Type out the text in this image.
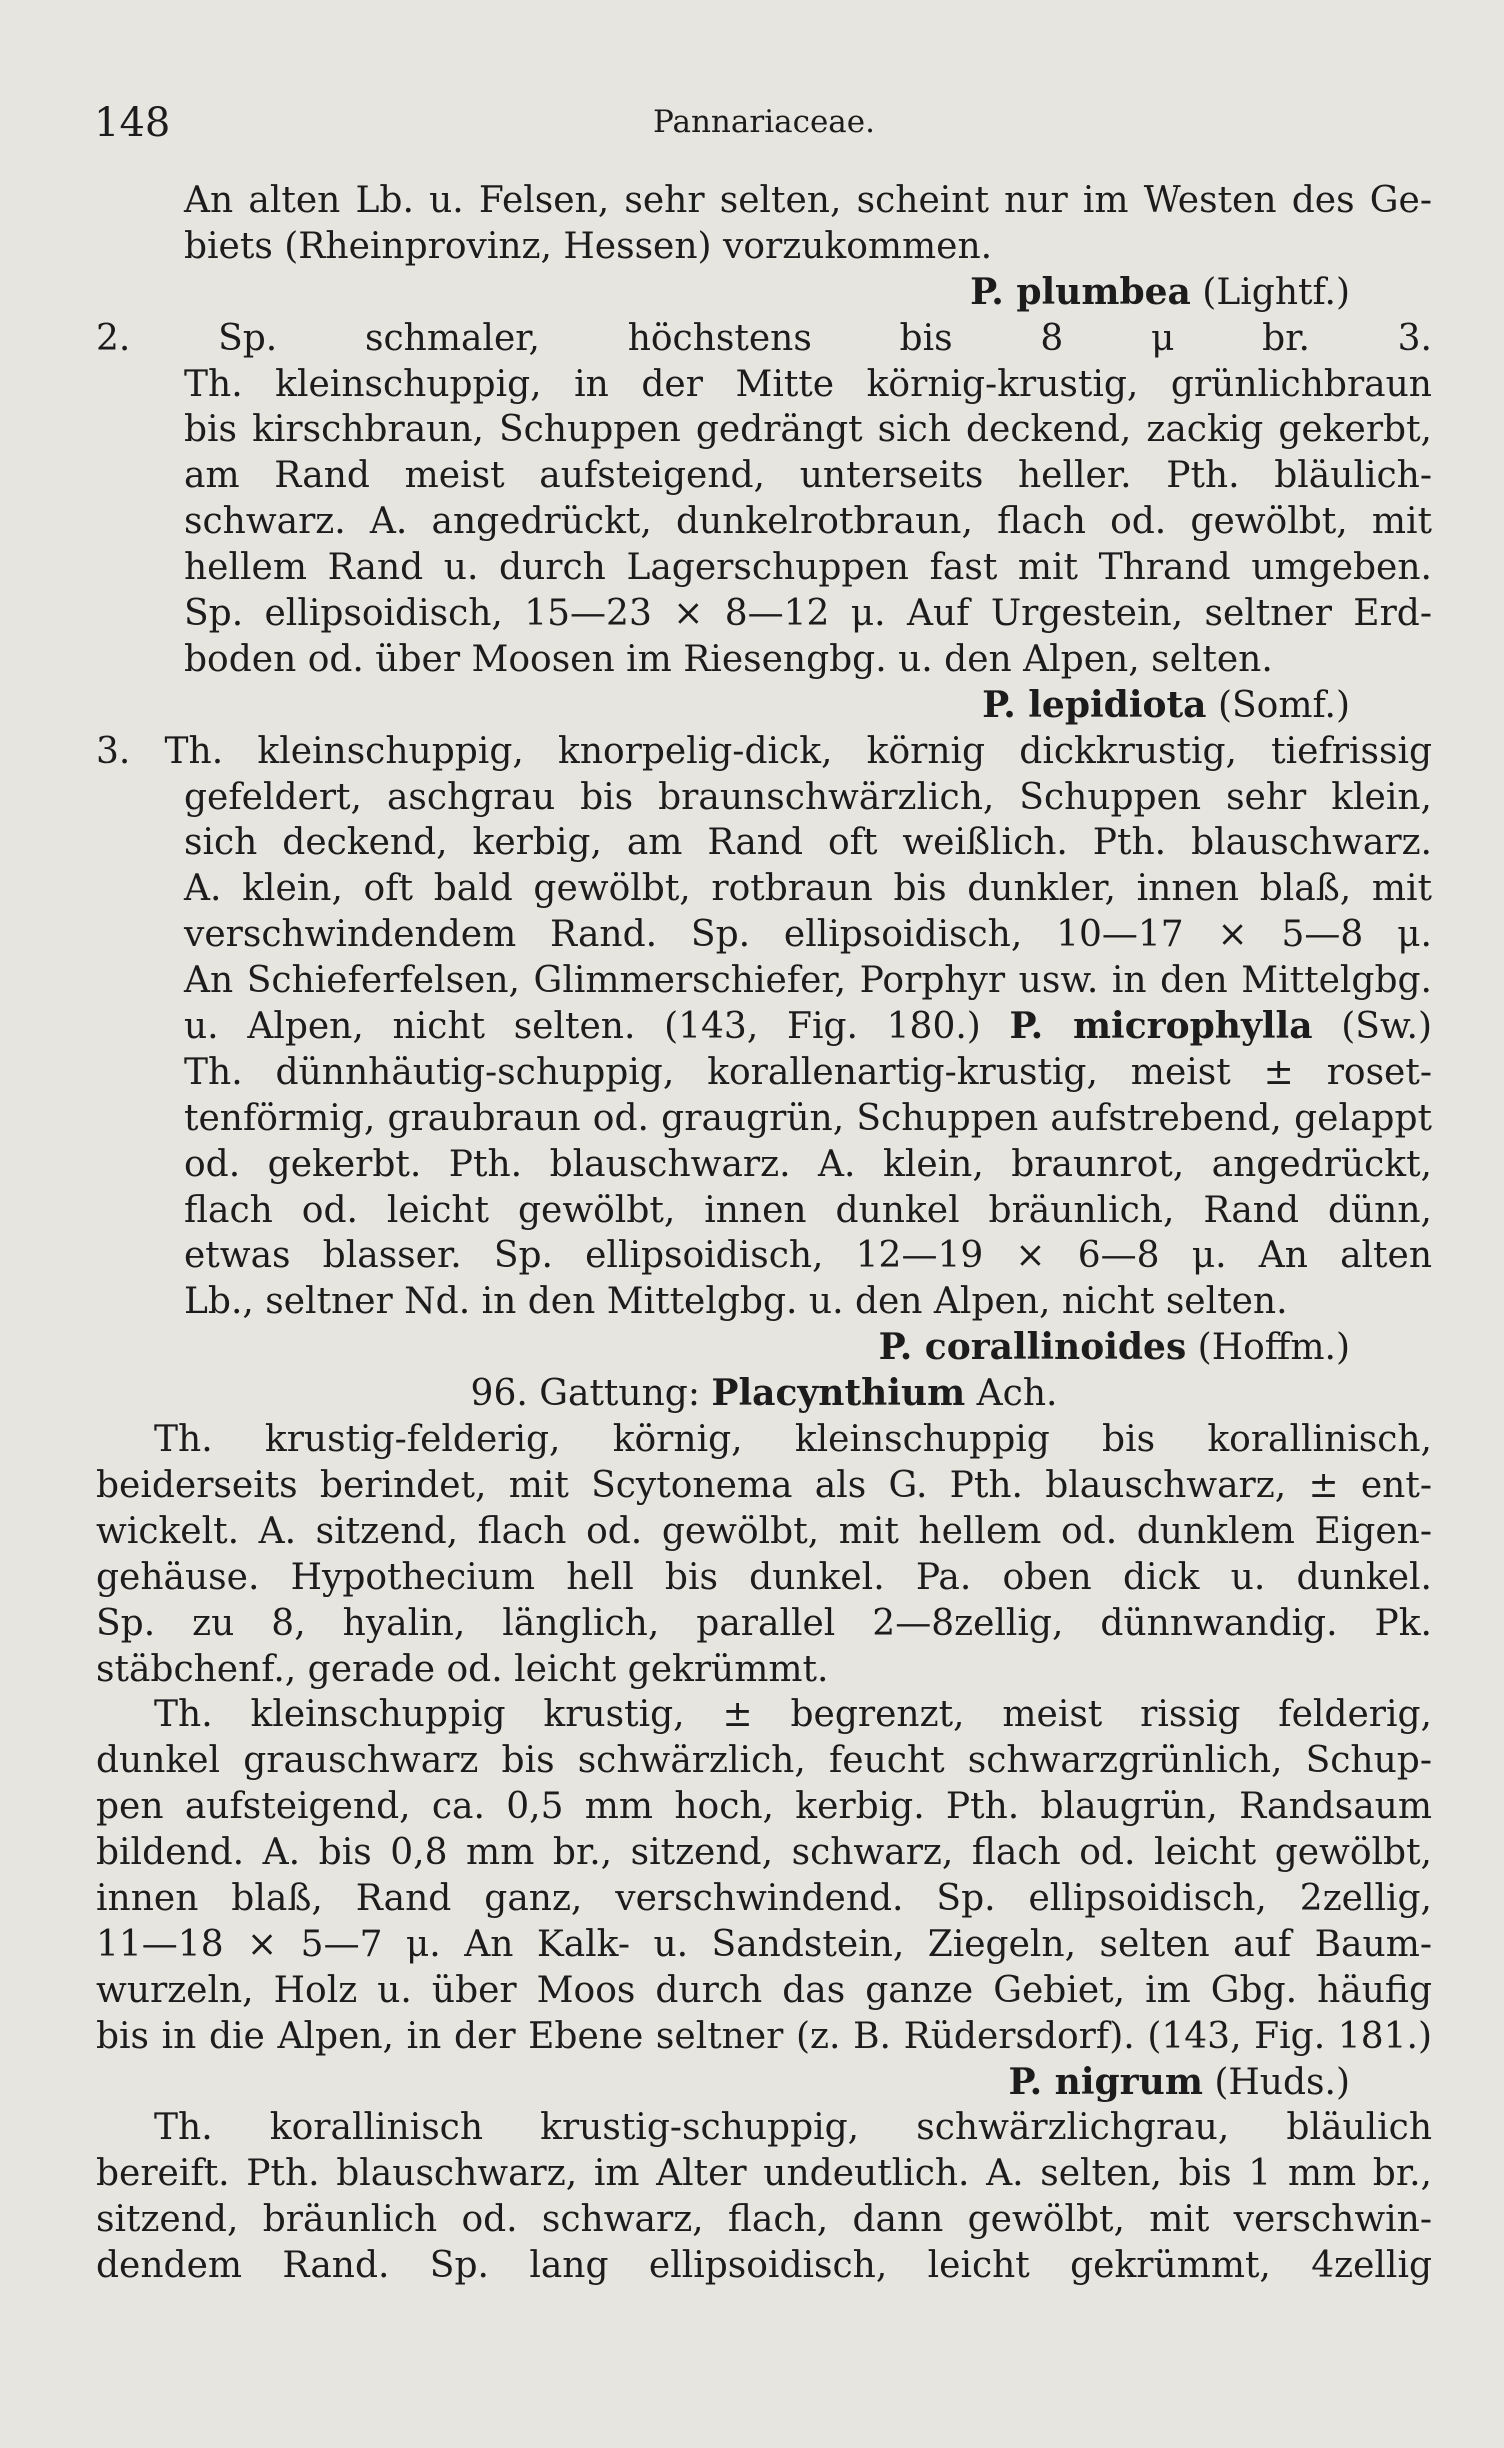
148	Pannariaceae.
An alten Lb. u. Felsen, sehr selten, scheint nur im Westen des Ge-
biets (Rheinprovinz, Hessen) vorzukommen.
P. plumbea (Lightf.)
2. Sp. schmaler, höchstens bis 8 μ br. 3.
Th. kleinschuppig, in der Mitte körnig-krustig, grünlichbraun
bis kirschbraun, Schuppen gedrängt sich deckend, zackig gekerbt,
am Rand meist aufsteigend, unterseits heller. Pth. bläulich-
schwarz. A. angedrückt, dunkelrotbraun, flach od. gewölbt, mit
hellem Rand u. durch Lagerschuppen fast mit Thrand umgeben.
Sp. ellipsoidisch, 15—23 × 8—12 μ. Auf Urgestein, seltner Erd-
boden od. über Moosen im Riesengbg. u. den Alpen, selten.
P. lepidiota (Somf.)
3. Th. kleinschuppig, knorpelig-dick, körnig dickkrustig, tiefrissig
gefeldert, aschgrau bis braunschwärzlich, Schuppen sehr klein,
sich deckend, kerbig, am Rand oft weißlich. Pth. blauschwarz.
A. klein, oft bald gewölbt, rotbraun bis dunkler, innen blaß, mit
verschwindendem Rand. Sp. ellipsoidisch, 10—17 × 5—8 μ.
An Schieferfelsen, Glimmerschiefer, Porphyr usw. in den Mittelgbg.
u. Alpen, nicht selten. (143, Fig. 180.) P. microphylla (Sw.)
Th. dünnhäutig-schuppig, korallenartig-krustig, meist ± roset-
tenförmig, graubraun od. graugrün, Schuppen aufstrebend, gelappt
od. gekerbt. Pth. blauschwarz. A. klein, braunrot, angedrückt,
flach od. leicht gewölbt, innen dunkel bräunlich, Rand dünn,
etwas blasser. Sp. ellipsoidisch, 12—19 × 6—8 μ. An alten
Lb., seltner Nd. in den Mittelgbg. u. den Alpen, nicht selten.
P. corallinoides (Hoffm.)
96. Gattung: Placynthium Ach.
Th. krustig-felderig, körnig, kleinschuppig bis korallinisch,
beiderseits berindet, mit Scytonema als G. Pth. blauschwarz, ± ent-
wickelt. A. sitzend, flach od. gewölbt, mit hellem od. dunklem Eigen-
gehäuse. Hypothecium hell bis dunkel. Pa. oben dick u. dunkel.
Sp. zu 8, hyalin, länglich, parallel 2—8zellig, dünnwandig. Pk.
stäbchenf., gerade od. leicht gekrümmt.
Th. kleinschuppig krustig, ± begrenzt, meist rissig felderig,
dunkel grauschwarz bis schwärzlich, feucht schwarzgrünlich, Schup-
pen aufsteigend, ca. 0,5 mm hoch, kerbig. Pth. blaugrün, Randsaum
bildend. A. bis 0,8 mm br., sitzend, schwarz, flach od. leicht gewölbt,
innen blaß, Rand ganz, verschwindend. Sp. ellipsoidisch, 2zellig,
11—18 × 5—7 μ. An Kalk- u. Sandstein, Ziegeln, selten auf Baum-
wurzeln, Holz u. über Moos durch das ganze Gebiet, im Gbg. häufig
bis in die Alpen, in der Ebene seltner (z. B. Rüdersdorf). (143, Fig. 181.)
P. nigrum (Huds.)
Th. korallinisch krustig-schuppig, schwärzlichgrau, bläulich
bereift. Pth. blauschwarz, im Alter undeutlich. A. selten, bis 1 mm br.,
sitzend, bräunlich od. schwarz, flach, dann gewölbt, mit verschwin-
dendem Rand. Sp. lang ellipsoidisch, leicht gekrümmt, 4zellig
